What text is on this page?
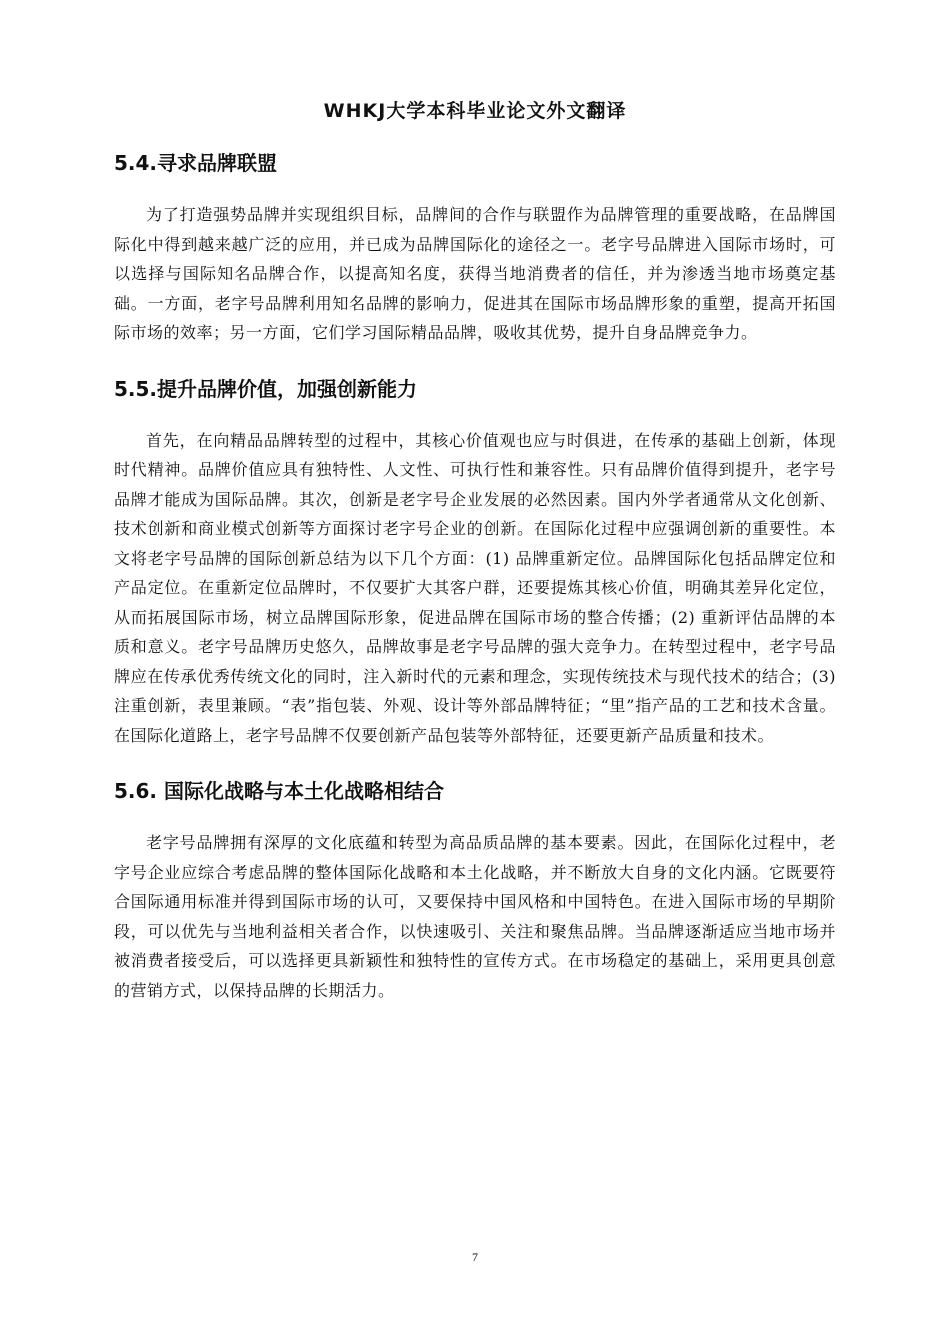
WHKJ大学本科毕业论文外文翻译
5.4.寻求品牌联盟

为了打造强势品牌并实现组织目标，品牌间的合作与联盟作为品牌管理的重要战略，在品牌国际化中得到越来越广泛的应用，并已成为品牌国际化的途径之一。老字号品牌进入国际市场时，可以选择与国际知名品牌合作，以提高知名度，获得当地消费者的信任，并为渗透当地市场奠定基础。一方面，老字号品牌利用知名品牌的影响力，促进其在国际市场品牌形象的重塑，提高开拓国际市场的效率；另一方面，它们学习国际精品品牌，吸收其优势，提升自身品牌竞争力。

5.5.提升品牌价值，加强创新能力

首先，在向精品品牌转型的过程中，其核心价值观也应与时俱进，在传承的基础上创新，体现时代精神。品牌价值应具有独特性、人文性、可执行性和兼容性。只有品牌价值得到提升，老字号品牌才能成为国际品牌。其次，创新是老字号企业发展的必然因素。国内外学者通常从文化创新、技术创新和商业模式创新等方面探讨老字号企业的创新。在国际化过程中应强调创新的重要性。本文将老字号品牌的国际创新总结为以下几个方面：(1) 品牌重新定位。品牌国际化包括品牌定位和产品定位。在重新定位品牌时，不仅要扩大其客户群，还要提炼其核心价值，明确其差异化定位，从而拓展国际市场，树立品牌国际形象，促进品牌在国际市场的整合传播；(2) 重新评估品牌的本质和意义。老字号品牌历史悠久，品牌故事是老字号品牌的强大竞争力。在转型过程中，老字号品牌应在传承优秀传统文化的同时，注入新时代的元素和理念，实现传统技术与现代技术的结合；(3) 注重创新，表里兼顾。“表”指包装、外观、设计等外部品牌特征；“里”指产品的工艺和技术含量。在国际化道路上，老字号品牌不仅要创新产品包装等外部特征，还要更新产品质量和技术。

5.6. 国际化战略与本土化战略相结合

老字号品牌拥有深厚的文化底蕴和转型为高品质品牌的基本要素。因此，在国际化过程中，老字号企业应综合考虑品牌的整体国际化战略和本土化战略，并不断放大自身的文化内涵。它既要符合国际通用标准并得到国际市场的认可，又要保持中国风格和中国特色。在进入国际市场的早期阶段，可以优先与当地利益相关者合作，以快速吸引、关注和聚焦品牌。当品牌逐渐适应当地市场并被消费者接受后，可以选择更具新颖性和独特性的宣传方式。在市场稳定的基础上，采用更具创意的营销方式，以保持品牌的长期活力。

7
